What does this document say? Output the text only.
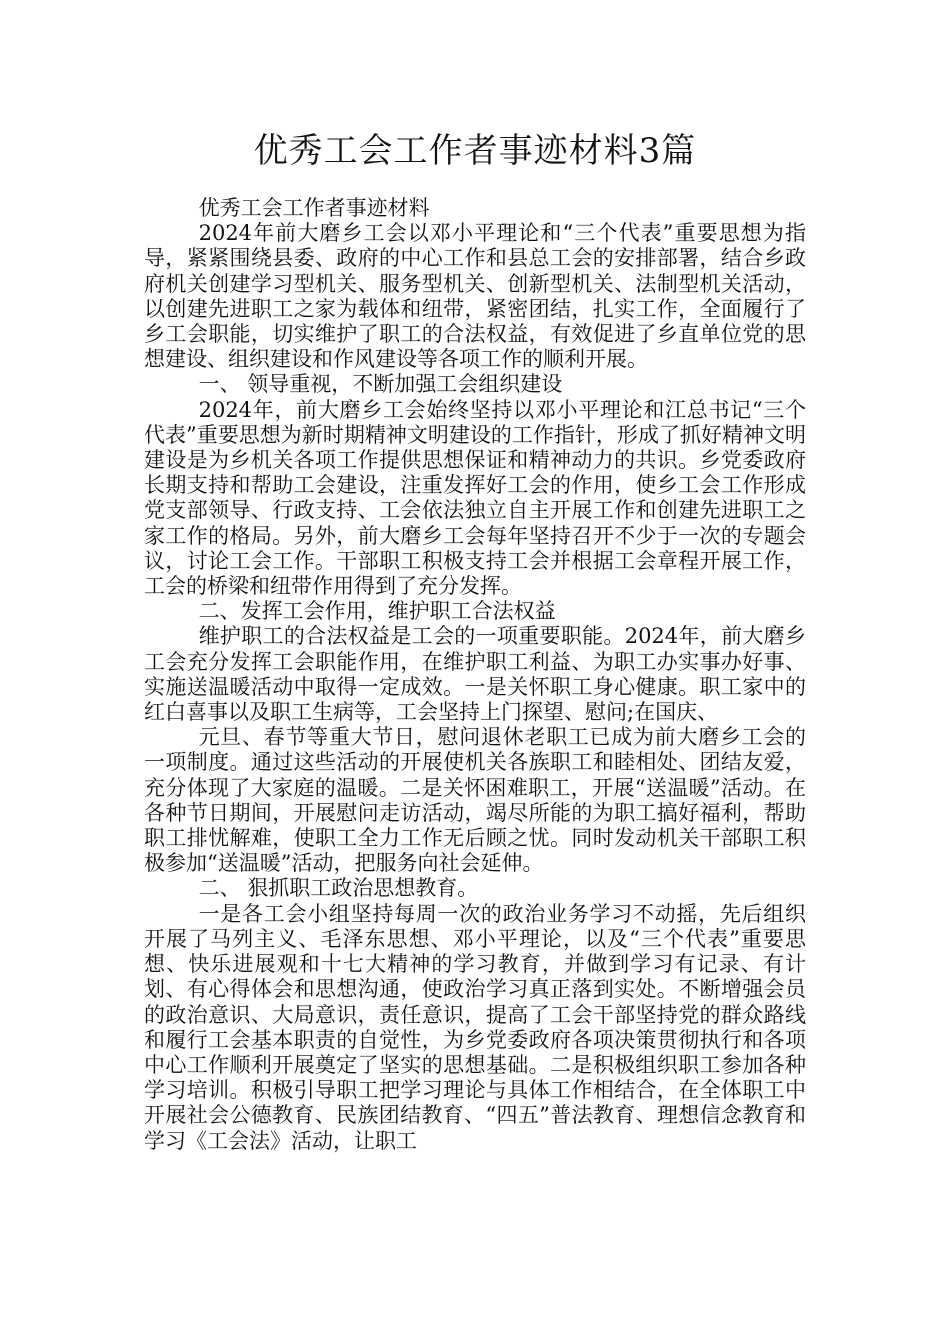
优秀工会工作者事迹材料3篇

优秀工会工作者事迹材料

2024年前大磨乡工会以邓小平理论和“三个代表”重要思想为指导，紧紧围绕县委、政府的中心工作和县总工会的安排部署，结合乡政府机关创建学习型机关、服务型机关、创新型机关、法制型机关活动，以创建先进职工之家为载体和纽带，紧密团结，扎实工作，全面履行了乡工会职能，切实维护了职工的合法权益，有效促进了乡直单位党的思想建设、组织建设和作风建设等各项工作的顺利开展。

一、 领导重视，不断加强工会组织建设

2024年，前大磨乡工会始终坚持以邓小平理论和江总书记“三个代表”重要思想为新时期精神文明建设的工作指针，形成了抓好精神文明建设是为乡机关各项工作提供思想保证和精神动力的共识。乡党委政府长期支持和帮助工会建设，注重发挥好工会的作用，使乡工会工作形成党支部领导、行政支持、工会依法独立自主开展工作和创建先进职工之家工作的格局。另外，前大磨乡工会每年坚持召开不少于一次的专题会议，讨论工会工作。干部职工积极支持工会并根据工会章程开展工作，工会的桥梁和纽带作用得到了充分发挥。

二、发挥工会作用，维护职工合法权益

维护职工的合法权益是工会的一项重要职能。2024年，前大磨乡工会充分发挥工会职能作用，在维护职工利益、为职工办实事办好事、实施送温暖活动中取得一定成效。一是关怀职工身心健康。职工家中的红白喜事以及职工生病等，工会坚持上门探望、慰问;在国庆、

元旦、春节等重大节日，慰问退休老职工已成为前大磨乡工会的一项制度。通过这些活动的开展使机关各族职工和睦相处、团结友爱，充分体现了大家庭的温暖。二是关怀困难职工，开展“送温暖”活动。在各种节日期间，开展慰问走访活动，竭尽所能的为职工搞好福利，帮助职工排忧解难，使职工全力工作无后顾之忧。同时发动机关干部职工积极参加“送温暖”活动，把服务向社会延伸。

二、 狠抓职工政治思想教育。

一是各工会小组坚持每周一次的政治业务学习不动摇，先后组织开展了马列主义、毛泽东思想、邓小平理论，以及“三个代表”重要思想、快乐进展观和十七大精神的学习教育，并做到学习有记录、有计划、有心得体会和思想沟通，使政治学习真正落到实处。不断增强会员的政治意识、大局意识，责任意识，提高了工会干部坚持党的群众路线和履行工会基本职责的自觉性，为乡党委政府各项决策贯彻执行和各项中心工作顺利开展奠定了坚实的思想基础。二是积极组织职工参加各种学习培训。积极引导职工把学习理论与具体工作相结合，在全体职工中开展社会公德教育、民族团结教育、“四五”普法教育、理想信念教育和学习《工会法》活动，让职工
